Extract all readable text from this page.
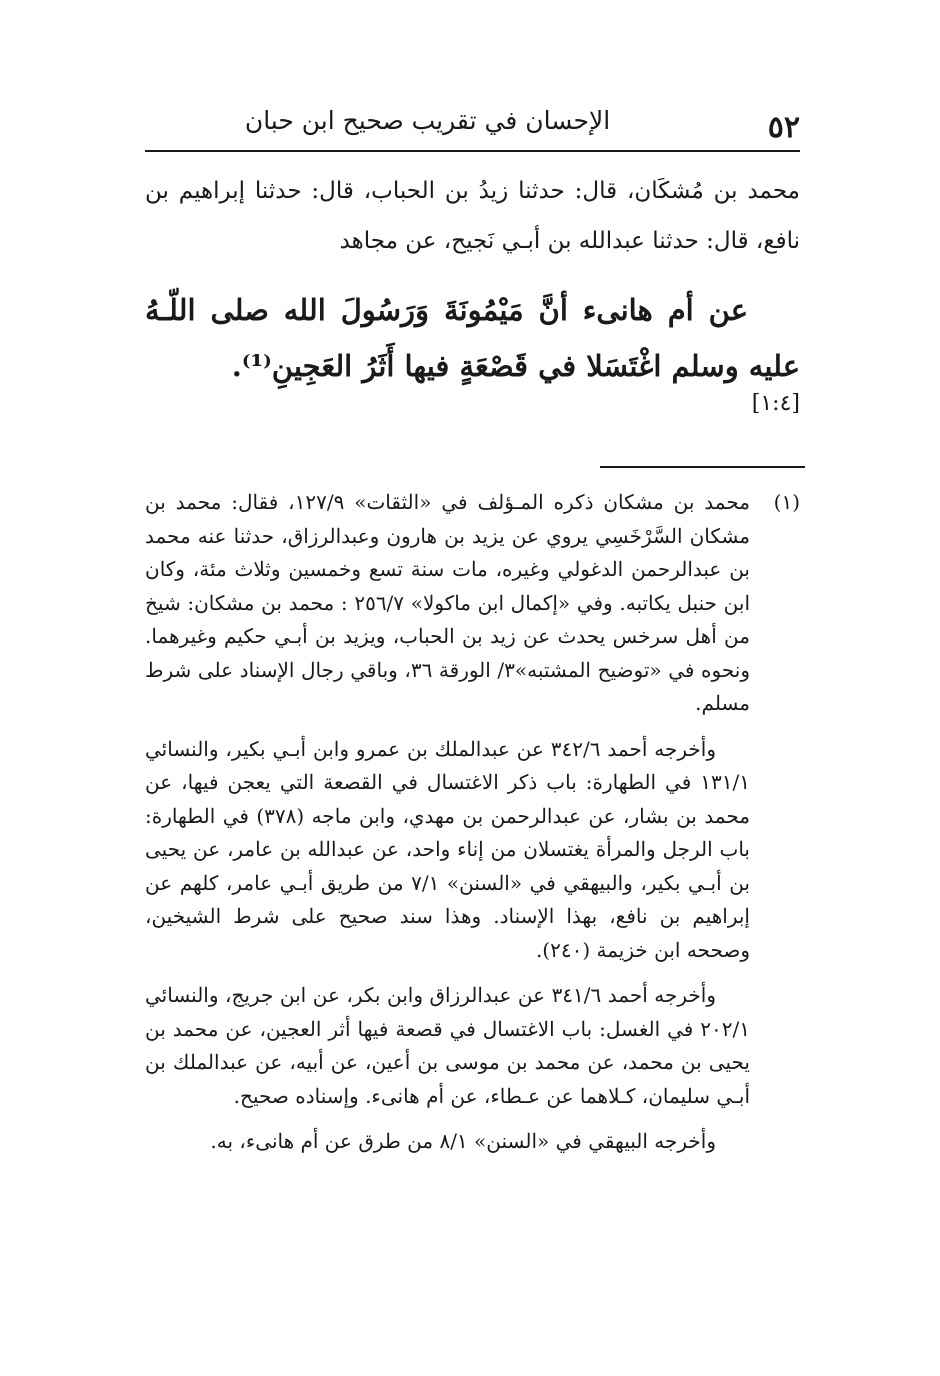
٥٢
الإحسان في تقريب صحيح ابن حبان
محمد بن مُشكَان، قال: حدثنا زيدُ بن الحباب، قال: حدثنا إبراهيم بن نافع، قال: حدثنا عبدالله بن أبـي نَجيح، عن مجاهد
عن أم هانىء أنَّ مَيْمُونَةَ وَرَسُولَ الله صلى اللّـهُ عليه وسلم اغْتَسَلا في قَصْعَةٍ فيها أَثَرُ العَجِينِ⁽¹⁾.
[١:٤]
(١)
محمد بن مشكان ذكره المـؤلف في «الثقات» ١٢٧/٩، فقال: محمد بن مشكان السَّرْخَسِي يروي عن يزيد بن هارون وعبدالرزاق، حدثنا عنه محمد بن عبدالرحمن الدغولي وغيره، مات سنة تسع وخمسين وثلاث مئة، وكان ابن حنبل يكاتبه. وفي «إكمال ابن ماكولا» ٢٥٦/٧ : محمد بن مشكان: شيخ من أهل سرخس يحدث عن زيد بن الحباب، ويزيد بن أبـي حكيم وغيرهما. ونحوه في «توضيح المشتبه»٣/ الورقة ٣٦، وباقي رجال الإسناد على شرط مسلم.
وأخرجه أحمد ٣٤٢/٦ عن عبدالملك بن عمرو وابن أبـي بكير، والنسائي ١٣١/١ في الطهارة: باب ذكر الاغتسال في القصعة التي يعجن فيها، عن محمد بن بشار، عن عبدالرحمن بن مهدي، وابن ماجه (٣٧٨) في الطهارة: باب الرجل والمرأة يغتسلان من إناء واحد، عن عبدالله بن عامر، عن يحيى بن أبـي بكير، والبيهقي في «السنن» ٧/١ من طريق أبـي عامر، كلهم عن إبراهيم بن نافع، بهذا الإسناد. وهذا سند صحيح على شرط الشيخين، وصححه ابن خزيمة (٢٤٠).
وأخرجه أحمد ٣٤١/٦ عن عبدالرزاق وابن بكر، عن ابن جريج، والنسائي ٢٠٢/١ في الغسل: باب الاغتسال في قصعة فيها أثر العجين، عن محمد بن يحيى بن محمد، عن محمد بن موسى بن أعين، عن أبيه، عن عبدالملك بن أبـي سليمان، كـلاهما عن عـطاء، عن أم هانىء. وإسناده صحيح.
وأخرجه البيهقي في «السنن» ٨/١ من طرق عن أم هانىء، به.
